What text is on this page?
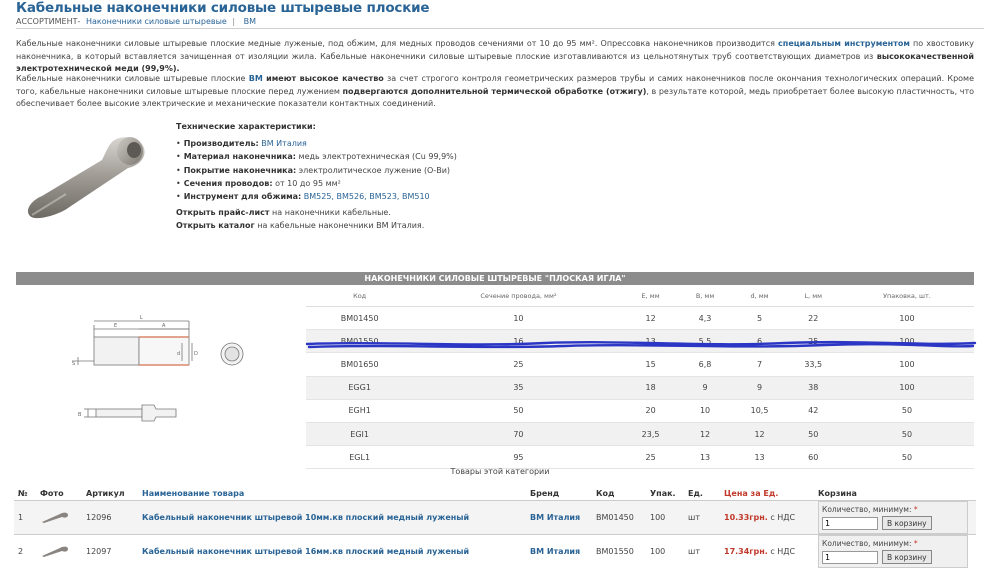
Кабельные наконечники силовые штыревые плоские
АССОРТИМЕНТ- Наконечники силовые штыревые | BM
Кабельные наконечники силовые штыревые плоские медные луженые, под обжим, для медных проводов сечениями от 10 до 95 мм². Опрессовка наконечников производится специальным инструментом по хвостовику наконечника, в который вставляется зачищенная от изоляции жила. Кабельные наконечники силовые штыревые плоские изготавливаются из цельнотянутых труб соответствующих диаметров из высококачественной электротехнической меди (99,9%).
Кабельные наконечники силовые штыревые плоские BM имеют высокое качество за счет строгого контроля геометрических размеров трубы и самих наконечников после окончания технологических операций. Кроме того, кабельные наконечники силовые штыревые плоские перед лужением подвергаются дополнительной термической обработке (отжигу), в результате которой, медь приобретает более высокую пластичность, что обеспечивает более высокие электрические и механические показатели контактных соединений.
Технические характеристики:
• Производитель: BM Италия
• Материал наконечника: медь электротехническая (Cu 99,9%)
• Покрытие наконечника: электролитическое лужение (О-Ви)
• Сечения проводов: от 10 до 95 мм²
• Инструмент для обжима: BM525, BM526, BM523, BM510
Открыть прайс-лист на наконечники кабельные.
Открыть каталог на кабельные наконечники BM Италия.
НАКОНЕЧНИКИ СИЛОВЫЕ ШТЫРЕВЫЕ "ПЛОСКАЯ ИГЛА"
L
E	A
d	D
S
B
Код	Сечение провода, мм²	E, мм	B, мм	d, мм	L, мм	Упаковка, шт.
BM01450	10	12	4,3	5	22	100
BM01550	16	13	5,5	6	25	100
BM01650	25	15	6,8	7	33,5	100
EGG1	35	18	9	9	38	100
EGH1	50	20	10	10,5	42	50
EGI1	70	23,5	12	12	50	50
EGL1	95	25	13	13	60	50
Товары этой категории
№	Фото	Артикул	Наименование товара	Бренд	Код	Упак.	Ед.	Цена за Ед.	Корзина
1		12096	Кабельный наконечник штыревой 10мм.кв плоский медный луженый	BM Италия	BM01450	100	шт	10.33грн. с НДС	Количество, минимум: *
1В корзину

2		12097	Кабельный наконечник штыревой 16мм.кв плоский медный луженый	BM Италия	BM01550	100	шт	17.34грн. с НДС	Количество, минимум: *
1В корзину
